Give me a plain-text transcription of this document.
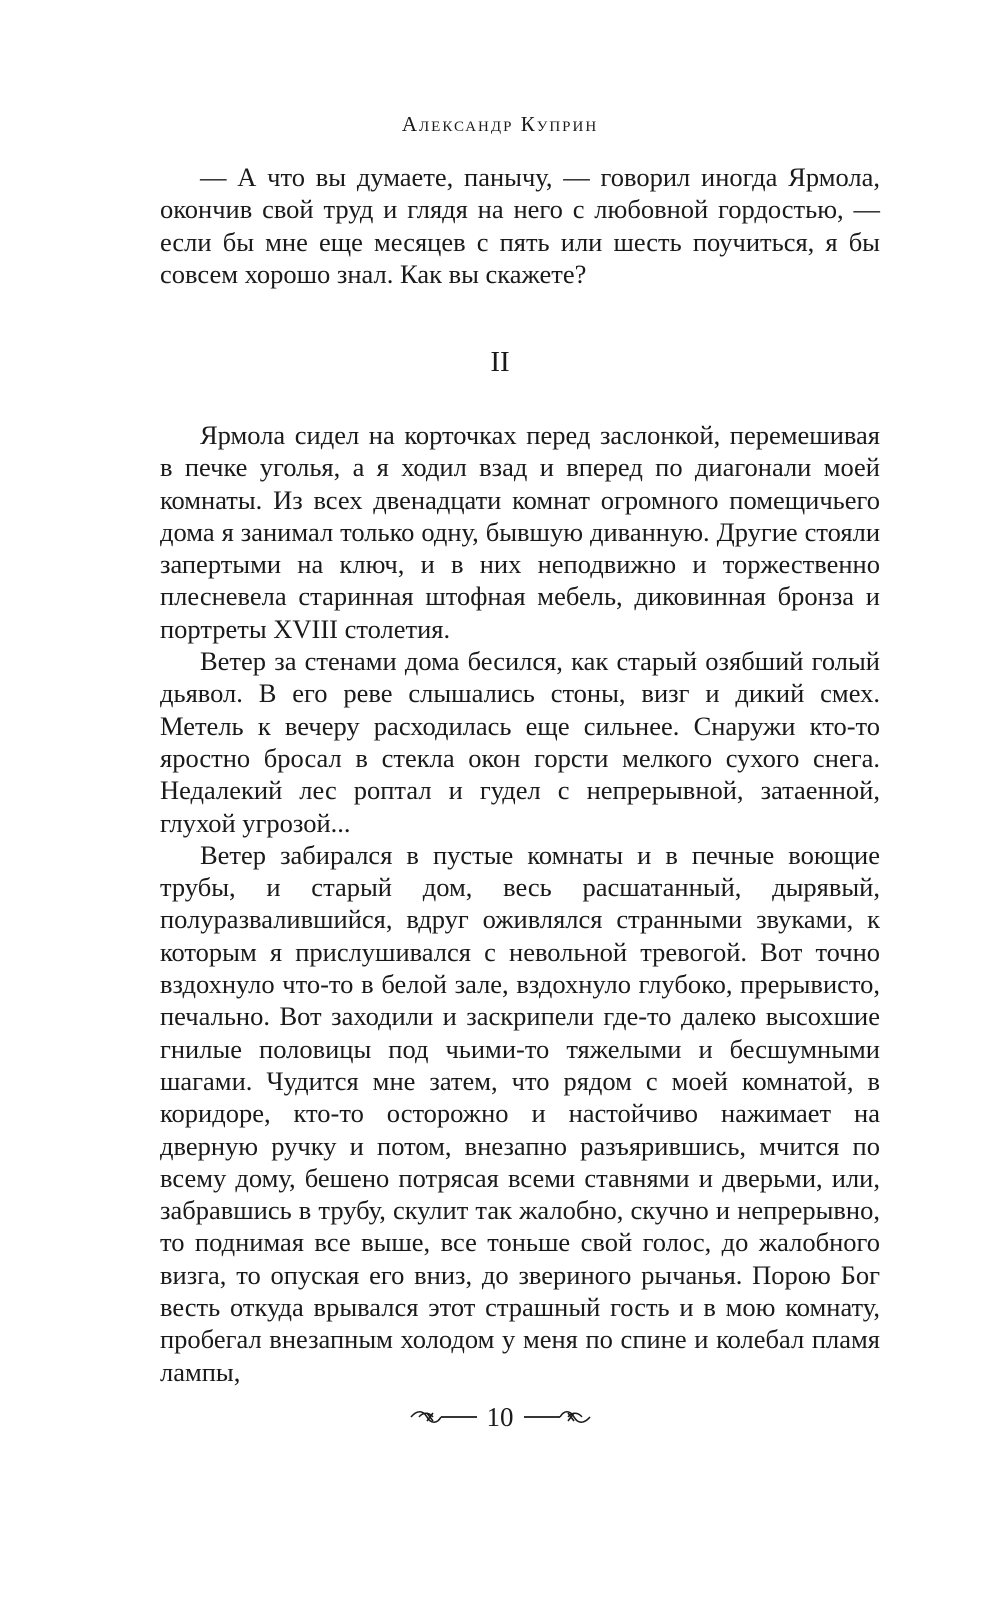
Александр Куприн

— А что вы думаете, панычу, — говорил иногда Ярмола, окончив свой труд и глядя на него с любовной гордостью, — если бы мне еще месяцев с пять или шесть поучиться, я бы совсем хорошо знал. Как вы скажете?

II

Ярмола сидел на корточках перед заслонкой, перемешивая в печке уголья, а я ходил взад и вперед по диагонали моей комнаты. Из всех двенадцати комнат огромного помещичьего дома я занимал только одну, бывшую диванную. Другие стояли запертыми на ключ, и в них неподвижно и торжественно плесневела старинная штофная мебель, диковинная бронза и портреты XVIII столетия.

Ветер за стенами дома бесился, как старый озябший голый дьявол. В его реве слышались стоны, визг и дикий смех. Метель к вечеру расходилась еще сильнее. Снаружи кто-то яростно бросал в стекла окон горсти мелкого сухого снега. Недалекий лес роптал и гудел с непрерывной, затаенной, глухой угрозой...

Ветер забирался в пустые комнаты и в печные воющие трубы, и старый дом, весь расшатанный, дырявый, полуразвалившийся, вдруг оживлялся странными звуками, к которым я прислушивался с невольной тревогой. Вот точно вздохнуло что-то в белой зале, вздохнуло глубоко, прерывисто, печально. Вот заходили и заскрипели где-то далеко высохшие гнилые половицы под чьими-то тяжелыми и бесшумными шагами. Чудится мне затем, что рядом с моей комнатой, в коридоре, кто-то осторожно и настойчиво нажимает на дверную ручку и потом, внезапно разъярившись, мчится по всему дому, бешено потрясая всеми ставнями и дверьми, или, забравшись в трубу, скулит так жалобно, скучно и непрерывно, то поднимая все выше, все тоньше свой голос, до жалобного визга, то опуская его вниз, до звериного рычанья. Порою Бог весть откуда врывался этот страшный гость и в мою комнату, пробегал внезапным холодом у меня по спине и колебал пламя лампы,

10
